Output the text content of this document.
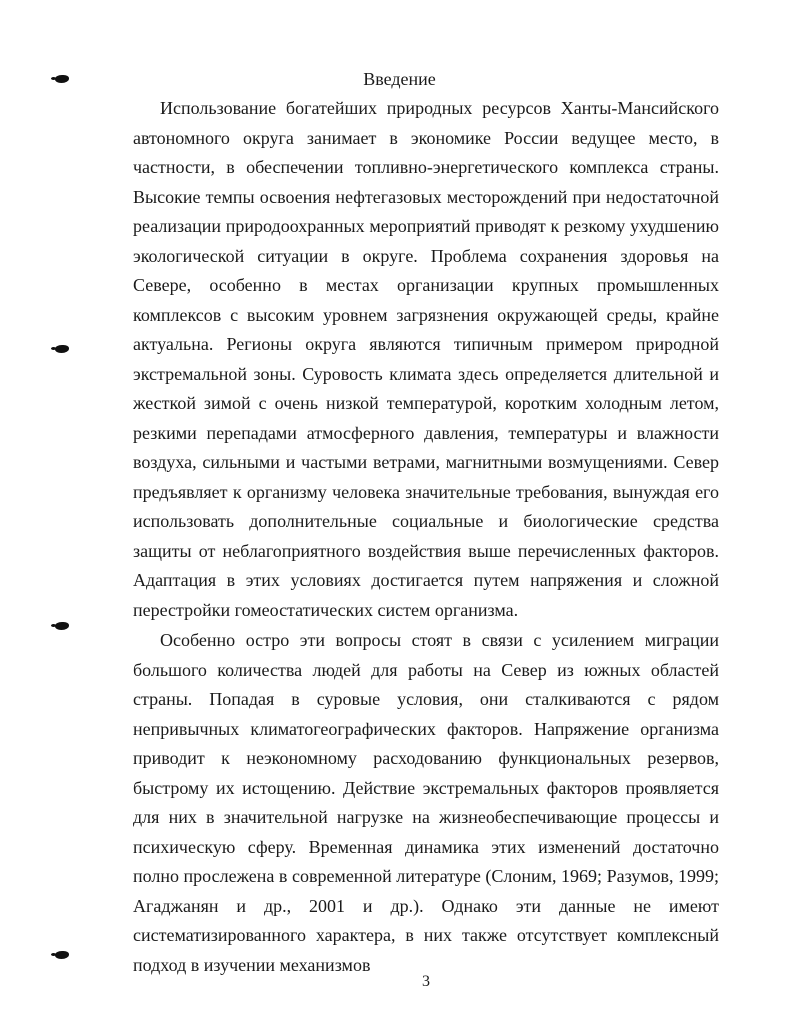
Введение

Использование богатейших природных ресурсов Ханты-Мансийского автономного округа занимает в экономике России ведущее место, в частности, в обеспечении топливно-энергетического комплекса страны. Высокие темпы освоения нефтегазовых месторождений при недостаточной реализации природоохранных мероприятий приводят к резкому ухудшению экологической ситуации в округе. Проблема сохранения здоровья на Севере, особенно в местах организации крупных промышленных комплексов с высоким уровнем загрязнения окружающей среды, крайне актуальна. Регионы округа являются типичным примером природной экстремальной зоны. Суровость климата здесь определяется длительной и жесткой зимой с очень низкой температурой, коротким холодным летом, резкими перепадами атмосферного давления, температуры и влажности воздуха, сильными и частыми ветрами, магнитными возмущениями. Север предъявляет к организму человека значительные требования, вынуждая его использовать дополнительные социальные и биологические средства защиты от неблагоприятного воздействия выше перечисленных факторов. Адаптация в этих условиях достигается путем напряжения и сложной перестройки гомеостатических систем организма.

Особенно остро эти вопросы стоят в связи с усилением миграции большого количества людей для работы на Север из южных областей страны. Попадая в суровые условия, они сталкиваются с рядом непривычных климатогеографических факторов. Напряжение организма приводит к неэкономному расходованию функциональных резервов, быстрому их истощению. Действие экстремальных факторов проявляется для них в значительной нагрузке на жизнеобеспечивающие процессы и психическую сферу. Временная динамика этих изменений достаточно полно прослежена в современной литературе (Слоним, 1969; Разумов, 1999; Агаджанян и др., 2001 и др.). Однако эти данные не имеют систематизированного характера, в них также отсутствует комплексный подход в изучении механизмов

3
